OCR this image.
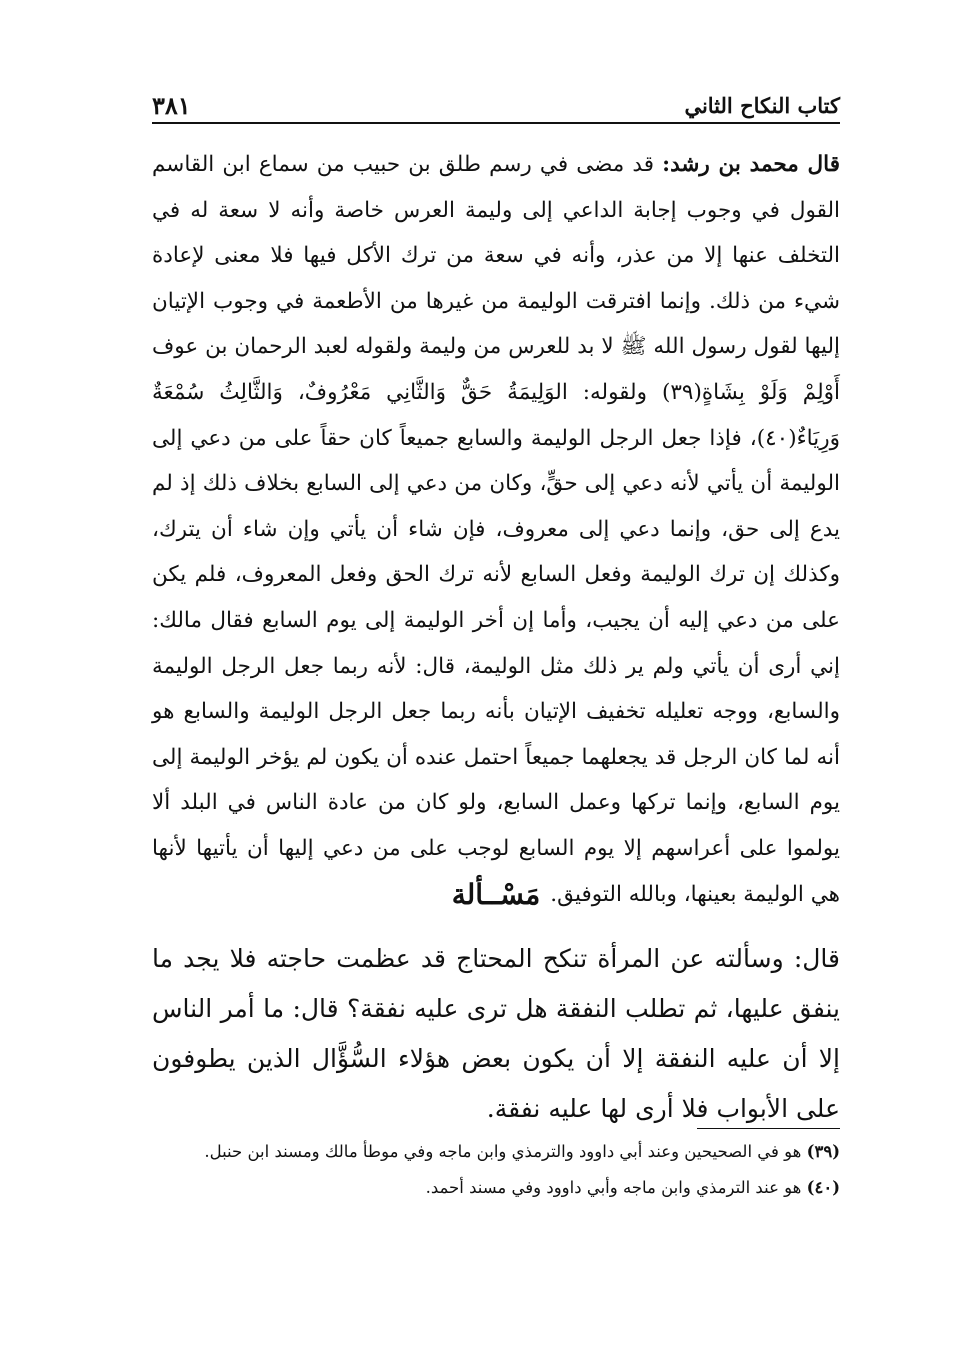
كتاب النكاح الثاني
٣٨١

قال محمد بن رشد: قد مضى في رسم طلق بن حبيب من سماع ابن القاسم القول في وجوب إجابة الداعي إلى وليمة العرس خاصة وأنه لا سعة له في التخلف عنها إلا من عذر، وأنه في سعة من ترك الأكل فيها فلا معنى لإعادة شيء من ذلك. وإنما افترقت الوليمة من غيرها من الأطعمة في وجوب الإتيان إليها لقول رسول الله ﷺ لا بد للعرس من وليمة ولقوله لعبد الرحمان بن عوف أَوْلِمْ وَلَوْ بِشَاةٍ(٣٩) ولقوله: الوَلِيمَةُ حَقٌّ وَالثَّانِي مَعْرُوفٌ، وَالثَّالِثُ سُمْعَةٌ وَرِيَاءٌ(٤٠)، فإذا جعل الرجل الوليمة والسابع جميعاً كان حقاً على من دعي إلى الوليمة أن يأتي لأنه دعي إلى حقٍّ، وكان من دعي إلى السابع بخلاف ذلك إذ لم يدع إلى حق، وإنما دعي إلى معروف، فإن شاء أن يأتي وإن شاء أن يترك، وكذلك إن ترك الوليمة وفعل السابع لأنه ترك الحق وفعل المعروف، فلم يكن على من دعي إليه أن يجيب، وأما إن أخر الوليمة إلى يوم السابع فقال مالك: إني أرى أن يأتي ولم ير ذلك مثل الوليمة، قال: لأنه ربما جعل الرجل الوليمة والسابع، ووجه تعليله تخفيف الإتيان بأنه ربما جعل الرجل الوليمة والسابع هو أنه لما كان الرجل قد يجعلهما جميعاً احتمل عنده أن يكون لم يؤخر الوليمة إلى يوم السابع، وإنما تركها وعمل السابع، ولو كان من عادة الناس في البلد ألا يولموا على أعراسهم إلا يوم السابع لوجب على من دعي إليها أن يأتيها لأنها هي الوليمة بعينها، وبالله التوفيق.

مَسْــألة

قال: وسألته عن المرأة تنكح المحتاج قد عظمت حاجته فلا يجد ما ينفق عليها، ثم تطلب النفقة هل ترى عليه نفقة؟ قال: ما أمر الناس إلا أن عليه النفقة إلا أن يكون بعض هؤلاء السُّؤَّال الذين يطوفون على الأبواب فلا أرى لها عليه نفقة.

(٣٩) هو في الصحيحين وعند أبي داوود والترمذي وابن ماجه وفي موطأ مالك ومسند ابن حنبل.

(٤٠) هو عند الترمذي وابن ماجه وأبي داوود وفي مسند أحمد.
